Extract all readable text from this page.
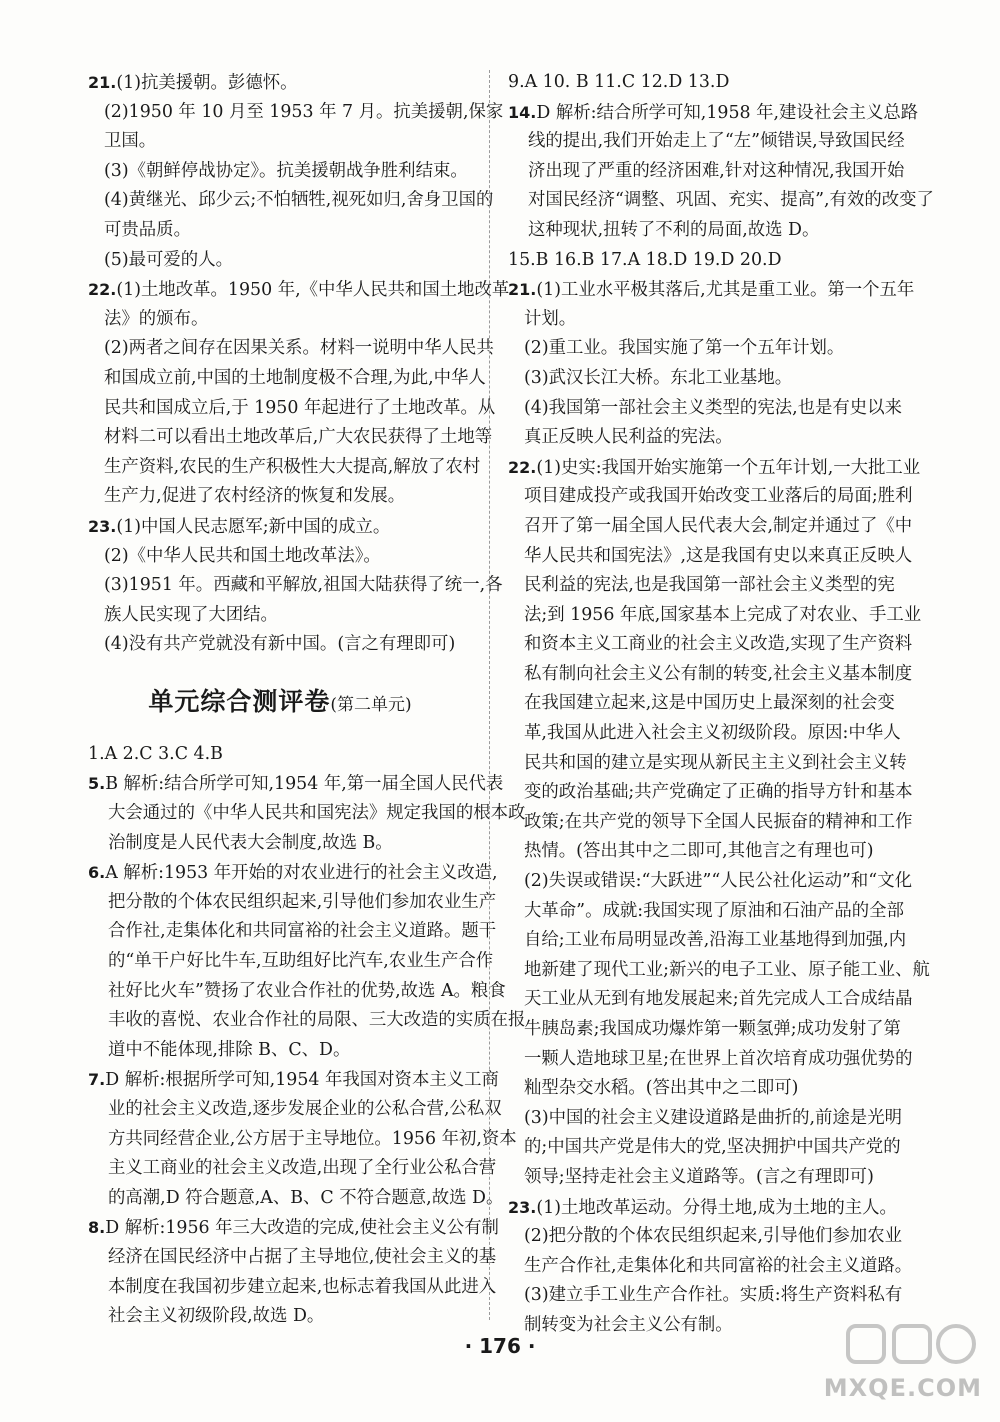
21.(1)抗美援朝。彭德怀。
(2)1950 年 10 月至 1953 年 7 月。抗美援朝,保家
卫国。
(3)《朝鲜停战协定》。抗美援朝战争胜利结束。
(4)黄继光、邱少云;不怕牺牲,视死如归,舍身卫国的
可贵品质。
(5)最可爱的人。
22.(1)土地改革。1950 年,《中华人民共和国土地改革
法》的颁布。
(2)两者之间存在因果关系。材料一说明中华人民共
和国成立前,中国的土地制度极不合理,为此,中华人
民共和国成立后,于 1950 年起进行了土地改革。从
材料二可以看出土地改革后,广大农民获得了土地等
生产资料,农民的生产积极性大大提高,解放了农村
生产力,促进了农村经济的恢复和发展。
23.(1)中国人民志愿军;新中国的成立。
(2)《中华人民共和国土地改革法》。
(3)1951 年。西藏和平解放,祖国大陆获得了统一,各
族人民实现了大团结。
(4)没有共产党就没有新中国。(言之有理即可)
单元综合测评卷(第二单元)
1.A 2.C 3.C 4.B
5.B 解析:结合所学可知,1954 年,第一届全国人民代表
大会通过的《中华人民共和国宪法》规定我国的根本政
治制度是人民代表大会制度,故选 B。
6.A 解析:1953 年开始的对农业进行的社会主义改造,
把分散的个体农民组织起来,引导他们参加农业生产
合作社,走集体化和共同富裕的社会主义道路。题干
的“单干户好比牛车,互助组好比汽车,农业生产合作
社好比火车”赞扬了农业合作社的优势,故选 A。粮食
丰收的喜悦、农业合作社的局限、三大改造的实质在报
道中不能体现,排除 B、C、D。
7.D 解析:根据所学可知,1954 年我国对资本主义工商
业的社会主义改造,逐步发展企业的公私合营,公私双
方共同经营企业,公方居于主导地位。1956 年初,资本
主义工商业的社会主义改造,出现了全行业公私合营
的高潮,D 符合题意,A、B、C 不符合题意,故选 D。
8.D 解析:1956 年三大改造的完成,使社会主义公有制
经济在国民经济中占据了主导地位,使社会主义的基
本制度在我国初步建立起来,也标志着我国从此进入
社会主义初级阶段,故选 D。
9.A 10. B 11.C 12.D 13.D
14.D 解析:结合所学可知,1958 年,建设社会主义总路
线的提出,我们开始走上了“左”倾错误,导致国民经
济出现了严重的经济困难,针对这种情况,我国开始
对国民经济“调整、巩固、充实、提高”,有效的改变了
这种现状,扭转了不利的局面,故选 D。
15.B 16.B 17.A 18.D 19.D 20.D
21.(1)工业水平极其落后,尤其是重工业。第一个五年
计划。
(2)重工业。我国实施了第一个五年计划。
(3)武汉长江大桥。东北工业基地。
(4)我国第一部社会主义类型的宪法,也是有史以来
真正反映人民利益的宪法。
22.(1)史实:我国开始实施第一个五年计划,一大批工业
项目建成投产或我国开始改变工业落后的局面;胜利
召开了第一届全国人民代表大会,制定并通过了《中
华人民共和国宪法》,这是我国有史以来真正反映人
民利益的宪法,也是我国第一部社会主义类型的宪
法;到 1956 年底,国家基本上完成了对农业、手工业
和资本主义工商业的社会主义改造,实现了生产资料
私有制向社会主义公有制的转变,社会主义基本制度
在我国建立起来,这是中国历史上最深刻的社会变
革,我国从此进入社会主义初级阶段。原因:中华人
民共和国的建立是实现从新民主主义到社会主义转
变的政治基础;共产党确定了正确的指导方针和基本
政策;在共产党的领导下全国人民振奋的精神和工作
热情。(答出其中之二即可,其他言之有理也可)
(2)失误或错误:“大跃进”“人民公社化运动”和“文化
大革命”。成就:我国实现了原油和石油产品的全部
自给;工业布局明显改善,沿海工业基地得到加强,内
地新建了现代工业;新兴的电子工业、原子能工业、航
天工业从无到有地发展起来;首先完成人工合成结晶
牛胰岛素;我国成功爆炸第一颗氢弹;成功发射了第
一颗人造地球卫星;在世界上首次培育成功强优势的
籼型杂交水稻。(答出其中之二即可)
(3)中国的社会主义建设道路是曲折的,前途是光明
的;中国共产党是伟大的党,坚决拥护中国共产党的
领导;坚持走社会主义道路等。(言之有理即可)
23.(1)土地改革运动。分得土地,成为土地的主人。
(2)把分散的个体农民组织起来,引导他们参加农业
生产合作社,走集体化和共同富裕的社会主义道路。
(3)建立手工业生产合作社。实质:将生产资料私有
制转变为社会主义公有制。
· 176 ·
MXQE.COM
